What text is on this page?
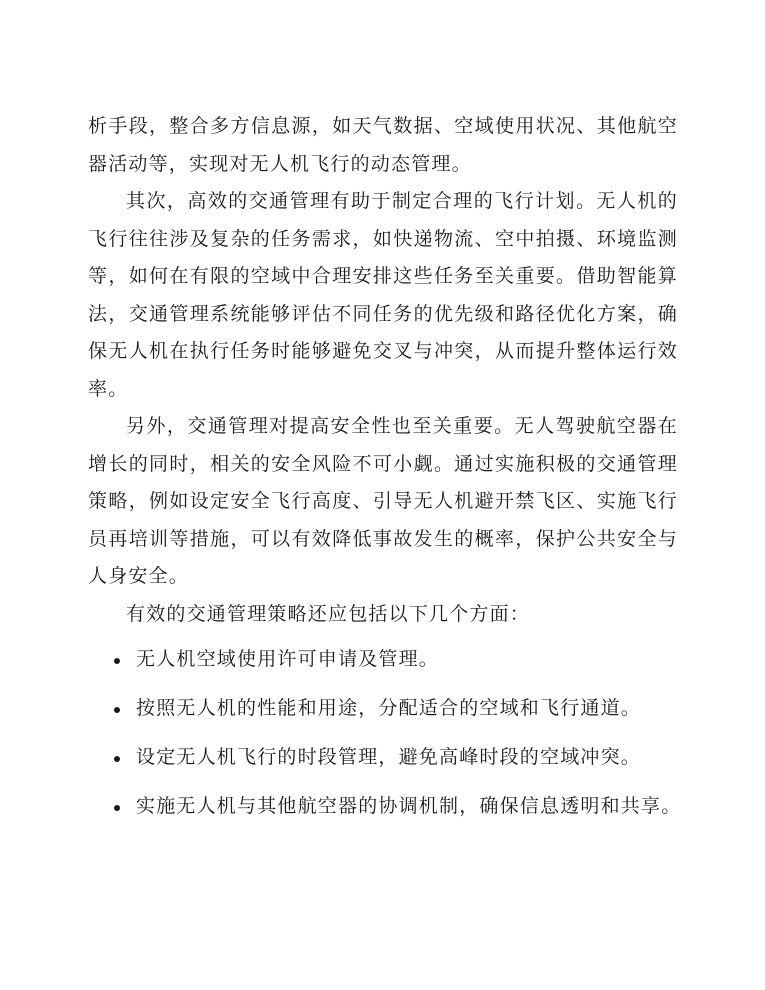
析手段，整合多方信息源，如天气数据、空域使用状况、其他航空器活动等，实现对无人机飞行的动态管理。

其次，高效的交通管理有助于制定合理的飞行计划。无人机的飞行往往涉及复杂的任务需求，如快递物流、空中拍摄、环境监测等，如何在有限的空域中合理安排这些任务至关重要。借助智能算法，交通管理系统能够评估不同任务的优先级和路径优化方案，确保无人机在执行任务时能够避免交叉与冲突，从而提升整体运行效率。

另外，交通管理对提高安全性也至关重要。无人驾驶航空器在增长的同时，相关的安全风险不可小觑。通过实施积极的交通管理策略，例如设定安全飞行高度、引导无人机避开禁飞区、实施飞行员再培训等措施，可以有效降低事故发生的概率，保护公共安全与人身安全。

有效的交通管理策略还应包括以下几个方面：

无人机空域使用许可申请及管理。
按照无人机的性能和用途，分配适合的空域和飞行通道。
设定无人机飞行的时段管理，避免高峰时段的空域冲突。
实施无人机与其他航空器的协调机制，确保信息透明和共享。
